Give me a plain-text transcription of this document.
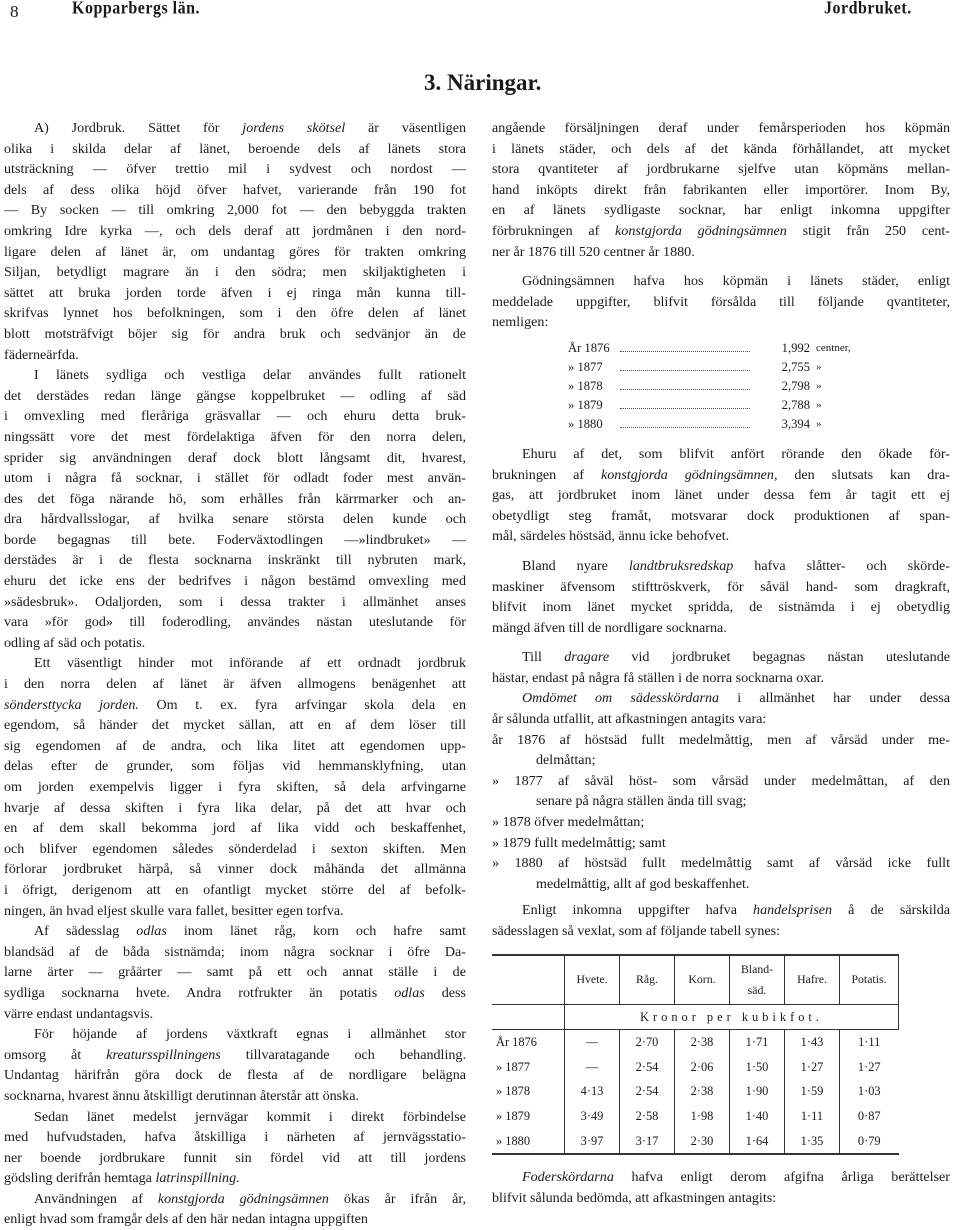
8	Kopparbergs län.	Jordbruket.
3. Näringar.

A) Jordbruk. Sättet för jordens skötsel är väsentligen
olika i skilda delar af länet, beroende dels af länets stora
utsträckning — öfver trettio mil i sydvest och nordost —
dels af dess olika höjd öfver hafvet, varierande från 190 fot
— By socken — till omkring 2,000 fot — den bebyggda trakten
omkring Idre kyrka —, och dels deraf att jordmånen i den nord-
ligare delen af länet är, om undantag göres för trakten omkring
Siljan, betydligt magrare än i den södra; men skiljaktigheten i
sättet att bruka jorden torde äfven i ej ringa mån kunna till-
skrifvas lynnet hos befolkningen, som i den öfre delen af länet
blott motsträfvigt böjer sig för andra bruk och sedvänjor än de
fäderneärfda.

I länets sydliga och vestliga delar användes fullt rationelt
det derstädes redan länge gängse koppelbruket — odling af säd
i omvexling med fleråriga gräsvallar — och ehuru detta bruk-
ningssätt vore det mest fördelaktiga äfven för den norra delen,
sprider sig användningen deraf dock blott långsamt dit, hvarest,
utom i några få socknar, i stället för odladt foder mest använ-
des det föga närande hö, som erhålles från kärrmarker och an-
dra hårdvallsslogar, af hvilka senare största delen kunde och
borde begagnas till bete. Foderväxtodlingen —»lindbruket» —
derstädes är i de flesta socknarna inskränkt till nybruten mark,
ehuru det icke ens der bedrifves i någon bestämd omvexling med
»sädesbruk». Odaljorden, som i dessa trakter i allmänhet anses
vara »för god» till foderodling, användes nästan uteslutande för
odling af säd och potatis.

Ett väsentligt hinder mot införande af ett ordnadt jordbruk
i den norra delen af länet är äfven allmogens benägenhet att
söndersttycka jorden. Om t. ex. fyra arfvingar skola dela en
egendom, så händer det mycket sällan, att en af dem löser till
sig egendomen af de andra, och lika litet att egendomen upp-
delas efter de grunder, som följas vid hemmansklyfning, utan
om jorden exempelvis ligger i fyra skiften, så dela arfvingarne
hvarje af dessa skiften i fyra lika delar, på det att hvar och
en af dem skall bekomma jord af lika vidd och beskaffenhet,
och blifver egendomen således sönderdelad i sexton skiften. Men
förlorar jordbruket härpå, så vinner dock måhända det allmänna
i öfrigt, derigenom att en ofantligt mycket större del af befolk-
ningen, än hvad eljest skulle vara fallet, besitter egen torfva.

Af sädesslag odlas inom länet råg, korn och hafre samt
blandsäd af de båda sistnämda; inom några socknar i öfre Da-
larne ärter — gråärter — samt på ett och annat ställe i de
sydliga socknarna hvete. Andra rotfrukter än potatis odlas dess
värre endast undantagsvis.

För höjande af jordens växtkraft egnas i allmänhet stor
omsorg åt kreatursspillningens tillvaratagande och behandling.
Undantag härifrån göra dock de flesta af de nordligare belägna
socknarna, hvarest ännu åtskilligt derutinnan återstår att önska.

Sedan länet medelst jernvägar kommit i direkt förbindelse
med hufvudstaden, hafva åtskilliga i närheten af jernvägsstatio-
ner boende jordbrukare funnit sin fördel vid att till jordens
gödsling derifrån hemtaga latrinspillning.

Användningen af konstgjorda gödningsämnen ökas år ifrån år,
enligt hvad som framgår dels af den här nedan intagna uppgiften

angående försäljningen deraf under femårsperioden hos köpmän
i länets städer, och dels af det kända förhållandet, att mycket
stora qvantiteter af jordbrukarne sjelfve utan köpmäns mellan-
hand inköpts direkt från fabrikanten eller importörer. Inom By,
en af länets sydligaste socknar, har enligt inkomna uppgifter
förbrukningen af konstgjorda gödningsämnen stigit från 250 cent-
ner år 1876 till 520 centner år 1880.

Gödningsämnen hafva hos köpmän i länets städer, enligt
meddelade uppgifter, blifvit försålda till följande qvantiteter,
nemligen:

År 1876	1,992 centner,
» 1877	2,755 »
» 1878	2,798 »
» 1879	2,788 »
» 1880	3,394 »

Ehuru af det, som blifvit anfört rörande den ökade för-
brukningen af konstgjorda gödningsämnen, den slutsats kan dra-
gas, att jordbruket inom länet under dessa fem år tagit ett ej
obetydligt steg framåt, motsvarar dock produktionen af span-
mål, särdeles höstsäd, ännu icke behofvet.

Bland nyare landtbruksredskap hafva slåtter- och skörde-
maskiner äfvensom stifttröskverk, för såväl hand- som dragkraft,
blifvit inom länet mycket spridda, de sistnämda i ej obetydlig
mängd äfven till de nordligare socknarna.

Till dragare vid jordbruket begagnas nästan uteslutande
hästar, endast på några få ställen i de norra socknarna oxar.

Omdömet om sädesskördarna i allmänhet har under dessa
år sålunda utfallit, att afkastningen antagits vara:

år 1876 af höstsäd fullt medelmåttig, men af vårsäd under me-
delmåttan;
» 1877 af såväl höst- som vårsäd under medelmåttan, af den
senare på några ställen ända till svag;
» 1878 öfver medelmåttan;
» 1879 fullt medelmåttig; samt
» 1880 af höstsäd fullt medelmåttig samt af vårsäd icke fullt
medelmåttig, allt af god beskaffenhet.

Enligt inkomna uppgifter hafva handelsprisen å de särskilda
sädesslagen så vexlat, som af följande tabell synes:

	Hvete.	Råg.	Korn.	Bland-säd.	Hafre.	Potatis.
	Kronor per kubikfot.					
År 1876	—	2·70	2·38	1·71	1·43	1·11
» 1877	—	2·54	2·06	1·50	1·27	1·27
» 1878	4·13	2·54	2·38	1·90	1·59	1·03
» 1879	3·49	2·58	1·98	1·40	1·11	0·87
» 1880	3·97	3·17	2·30	1·64	1·35	0·79

Foderskördarna hafva enligt derom afgifna årliga berättelser
blifvit sålunda bedömda, att afkastningen antagits:
